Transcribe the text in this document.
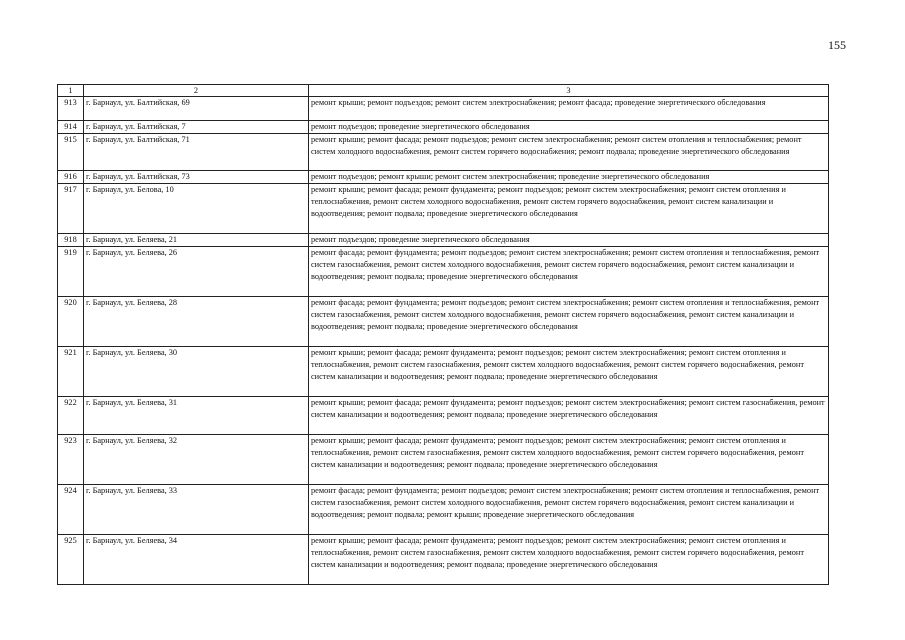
155
1	2	3
913	г. Барнаул, ул. Балтийская, 69	ремонт крыши; ремонт подъездов; ремонт систем электроснабжения; ремонт фасада; проведение энергетического обследования
914	г. Барнаул, ул. Балтийская, 7	ремонт подъездов; проведение энергетического обследования
915	г. Барнаул, ул. Балтийская, 71	ремонт крыши; ремонт фасада; ремонт подъездов; ремонт систем электроснабжения; ремонт систем отопления и теплоснабжения; ремонт систем холодного водоснабжения, ремонт систем горячего водоснабжения; ремонт подвала; проведение энергетического обследования
916	г. Барнаул, ул. Балтийская, 73	ремонт подъездов; ремонт крыши; ремонт систем электроснабжения; проведение энергетического обследования
917	г. Барнаул, ул. Белова, 10	ремонт крыши; ремонт фасада; ремонт фундамента; ремонт подъездов; ремонт систем электроснабжения; ремонт систем отопления и теплоснабжения, ремонт систем холодного водоснабжения, ремонт систем горячего водоснабжения, ремонт систем канализации и водоотведения; ремонт подвала; проведение энергетического обследования
918	г. Барнаул, ул. Беляева, 21	ремонт подъездов; проведение энергетического обследования
919	г. Барнаул, ул. Беляева, 26	ремонт фасада; ремонт фундамента; ремонт подъездов; ремонт систем электроснабжения; ремонт систем отопления и теплоснабжения, ремонт систем газоснабжения, ремонт систем холодного водоснабжения, ремонт систем горячего водоснабжения, ремонт систем канализации и водоотведения; ремонт подвала; проведение энергетического обследования
920	г. Барнаул, ул. Беляева, 28	ремонт фасада; ремонт фундамента; ремонт подъездов; ремонт систем электроснабжения; ремонт систем отопления и теплоснабжения, ремонт систем газоснабжения, ремонт систем холодного водоснабжения, ремонт систем горячего водоснабжения, ремонт систем канализации и водоотведения; ремонт подвала; проведение энергетического обследования
921	г. Барнаул, ул. Беляева, 30	ремонт крыши; ремонт фасада; ремонт фундамента; ремонт подъездов; ремонт систем электроснабжения; ремонт систем отопления и теплоснабжения, ремонт систем газоснабжения, ремонт систем холодного водоснабжения, ремонт систем горячего водоснабжения, ремонт систем канализации и водоотведения; ремонт подвала; проведение энергетического обследования
922	г. Барнаул, ул. Беляева, 31	ремонт крыши; ремонт фасада; ремонт фундамента; ремонт подъездов; ремонт систем электроснабжения; ремонт систем газоснабжения, ремонт систем канализации и водоотведения; ремонт подвала; проведение энергетического обследования
923	г. Барнаул, ул. Беляева, 32	ремонт крыши; ремонт фасада; ремонт фундамента; ремонт подъездов; ремонт систем электроснабжения; ремонт систем отопления и теплоснабжения, ремонт систем газоснабжения, ремонт систем холодного водоснабжения, ремонт систем горячего водоснабжения, ремонт систем канализации и водоотведения; ремонт подвала; проведение энергетического обследования
924	г. Барнаул, ул. Беляева, 33	ремонт фасада; ремонт фундамента; ремонт подъездов; ремонт систем электроснабжения; ремонт систем отопления и теплоснабжения, ремонт систем газоснабжения, ремонт систем холодного водоснабжения, ремонт систем горячего водоснабжения, ремонт систем канализации и водоотведения; ремонт подвала; ремонт крыши; проведение энергетического обследования
925	г. Барнаул, ул. Беляева, 34	ремонт крыши; ремонт фасада; ремонт фундамента; ремонт подъездов; ремонт систем электроснабжения; ремонт систем отопления и теплоснабжения, ремонт систем газоснабжения, ремонт систем холодного водоснабжения, ремонт систем горячего водоснабжения, ремонт систем канализации и водоотведения; ремонт подвала; проведение энергетического обследования
